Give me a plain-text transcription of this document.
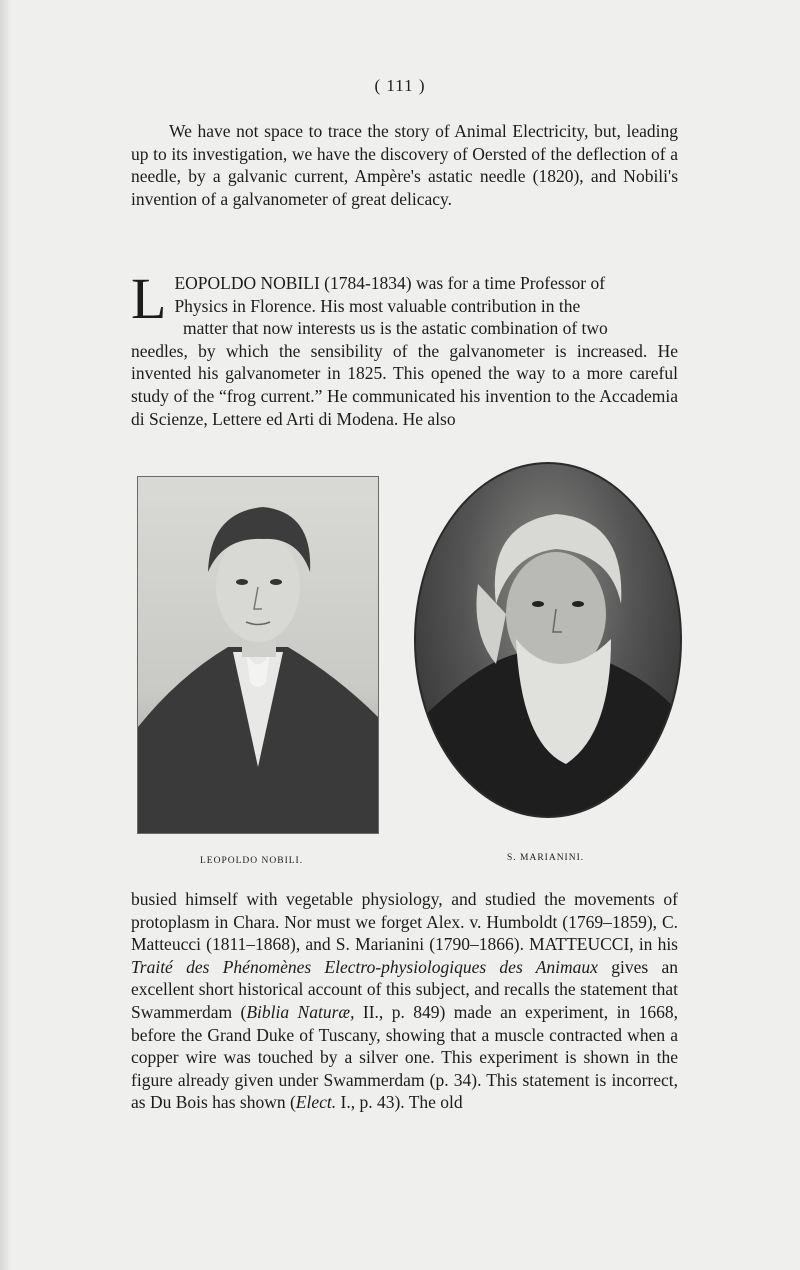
( 111 )

We have not space to trace the story of Animal Electricity, but, leading up to its investigation, we have the discovery of Oersted of the deflection of a needle, by a galvanic current, Ampère's astatic needle (1820), and Nobili's invention of a galvanometer of great delicacy.

L EOPOLDO NOBILI (1784-1834) was for a time Professor of
Physics in Florence. His most valuable contribution in the

matter that now interests us is the astatic combination of two
needles, by which the sensibility of the galvanometer is increased. He invented his galvanometer in 1825. This opened the way to a more careful study of the “frog current.” He communicated his invention to the Accademia di Scienze, Lettere ed Arti di Modena. He also
LEOPOLDO NOBILI.	S. MARIANINI.

busied himself with vegetable physiology, and studied the movements of protoplasm in Chara. Nor must we forget Alex. v. Humboldt (1769–1859), C. Matteucci (1811–1868), and S. Marianini (1790–1866). MATTEUCCI, in his Traité des Phénomènes Electro-physiologiques des Animaux gives an excellent short historical account of this subject, and recalls the statement that Swammerdam (Biblia Naturæ, II., p. 849) made an experiment, in 1668, before the Grand Duke of Tuscany, showing that a muscle contracted when a copper wire was touched by a silver one. This experiment is shown in the figure already given under Swammerdam (p. 34). This statement is incorrect, as Du Bois has shown (Elect. I., p. 43). The old
